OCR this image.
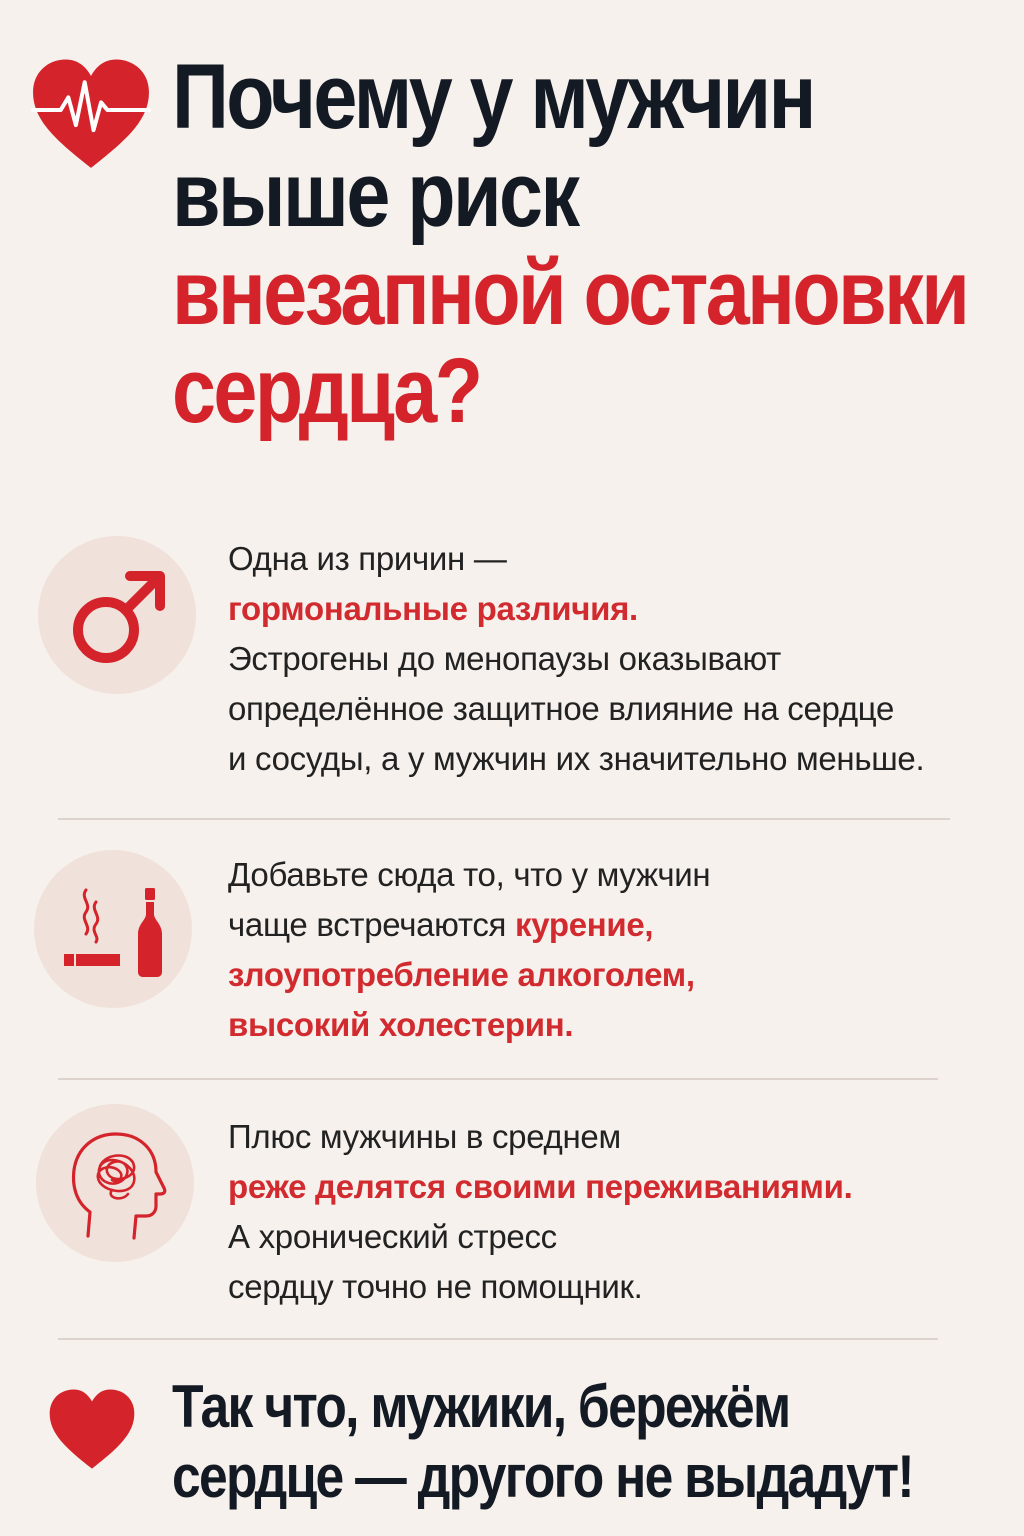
Почему у мужчин
выше риск
внезапной остановки
сердца?
Одна из причин —
гормональные различия.
Эстрогены до менопаузы оказывают
определённое защитное влияние на сердце
и сосуды, а у мужчин их значительно меньше.
Добавьте сюда то, что у мужчин
чаще встречаются курение,
злоупотребление алкоголем,
высокий холестерин.
Плюс мужчины в среднем
реже делятся своими переживаниями.
А хронический стресс
сердцу точно не помощник.
Так что, мужики, бережём
сердце — другого не выдадут!
